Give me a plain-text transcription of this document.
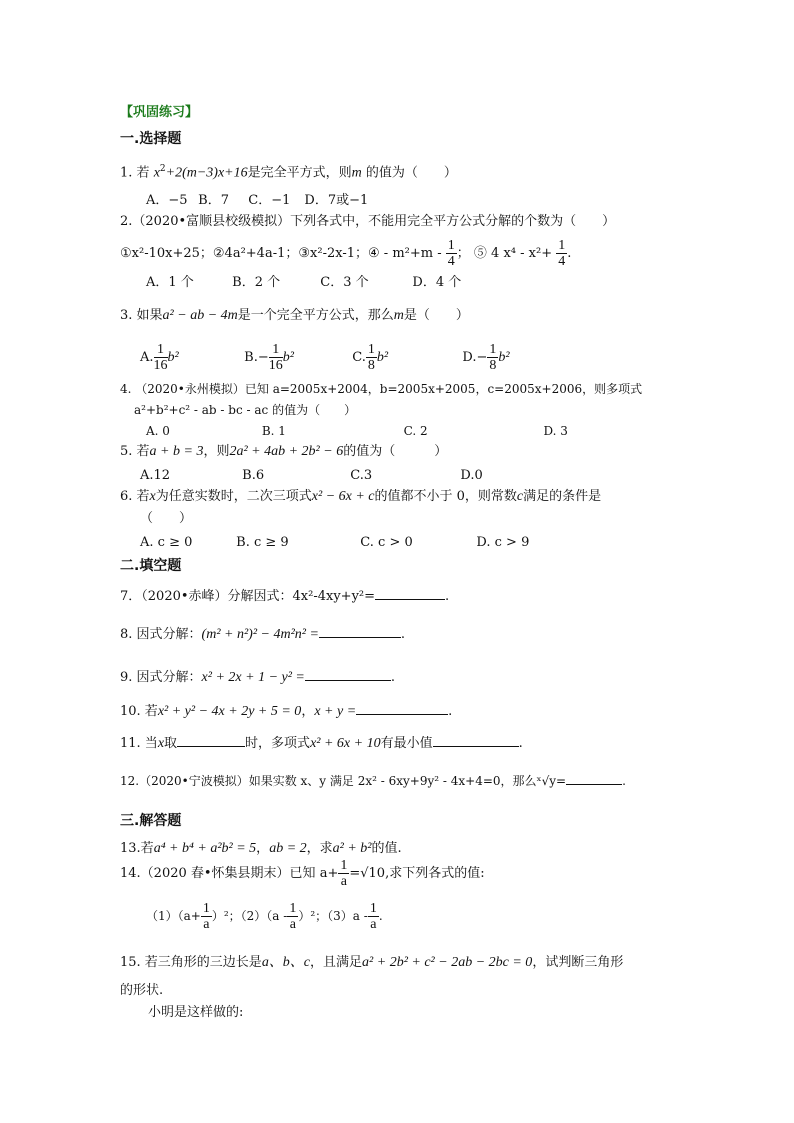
【巩固练习】
一.选择题
1. 若 $x^2+2(m-3)x+16$是完全平方式，则m 的值为（　　）
A．−5 B．7 C．−1 D．7或−1
2.（2020•富顺县校级模拟）下列各式中，不能用完全平方公式分解的个数为（　　）
①x²-10x+25；②4a²+4a-1；③x²-2x-1；④ - $m^2+m - \frac{1}{4}$ ； ⑤ 4 $x^4 - x^2+ \frac{1}{4}$ .
A．1 个	B．2 个	C．3 个	D．4 个
3. 如果a² − ab − 4m是一个完全平方公式，那么m是（　　）
A. $\frac{1}{16} b^2$	$B.- \frac{1}{16} b^2$	C. $\frac{1}{8} b^2$	$D.- \frac{1}{8} b^2$
4. （2020•永州模拟）已知 a=2005x+2004，b=2005x+2005，c=2005x+2006，则多项式
a²+b²+c² - ab - bc - ac 的值为（　　）
A. 0	B. 1	C. 2	D. 3
5. 若a + b = 3，则2a² + 4ab + 2b² − 6的值为（　　　）
A.12	B.6	C.3	D.0
6. 若x为任意实数时，二次三项式x² − 6x + c的值都不小于 0，则常数c满足的条件是
（　　）
A. c ≥ 0	B. c ≥ 9	C. c > 0	D. c > 9
二.填空题
7．（2020•赤峰）分解因式：4x²-4xy+y²=	.
8. 因式分解：(m² + n²)² − 4m²n² =	.
9. 因式分解：x² + 2x + 1 − y² =	.
10. 若x² + y² − 4x + 2y + 5 = 0，x + y =	.
11. 当x取	时，多项式x² + 6x + 10有最小值	.
12.（2020•宁波模拟）如果实数 x、y 满足 2x² - 6xy+9y² - 4x+4=0，那么ˣ√y=	.
三.解答题
13.若a⁴ + b⁴ + a²b² = 5，ab = 2，求a² + b²的值.
14.（2020 春•怀集县期末）已知 $a+ \frac{1}{a} =√10$,求下列各式的值:
$(1)(a+ \frac{1}{a} )^2$；$(2)(a - \frac{1}{a} )^2$；$(3)a - \frac{1}{a}$ .
15. 若三角形的三边长是a、b、c，且满足a² + 2b² + c² − 2ab − 2bc = 0，试判断三角形
的形状.
小明是这样做的:
